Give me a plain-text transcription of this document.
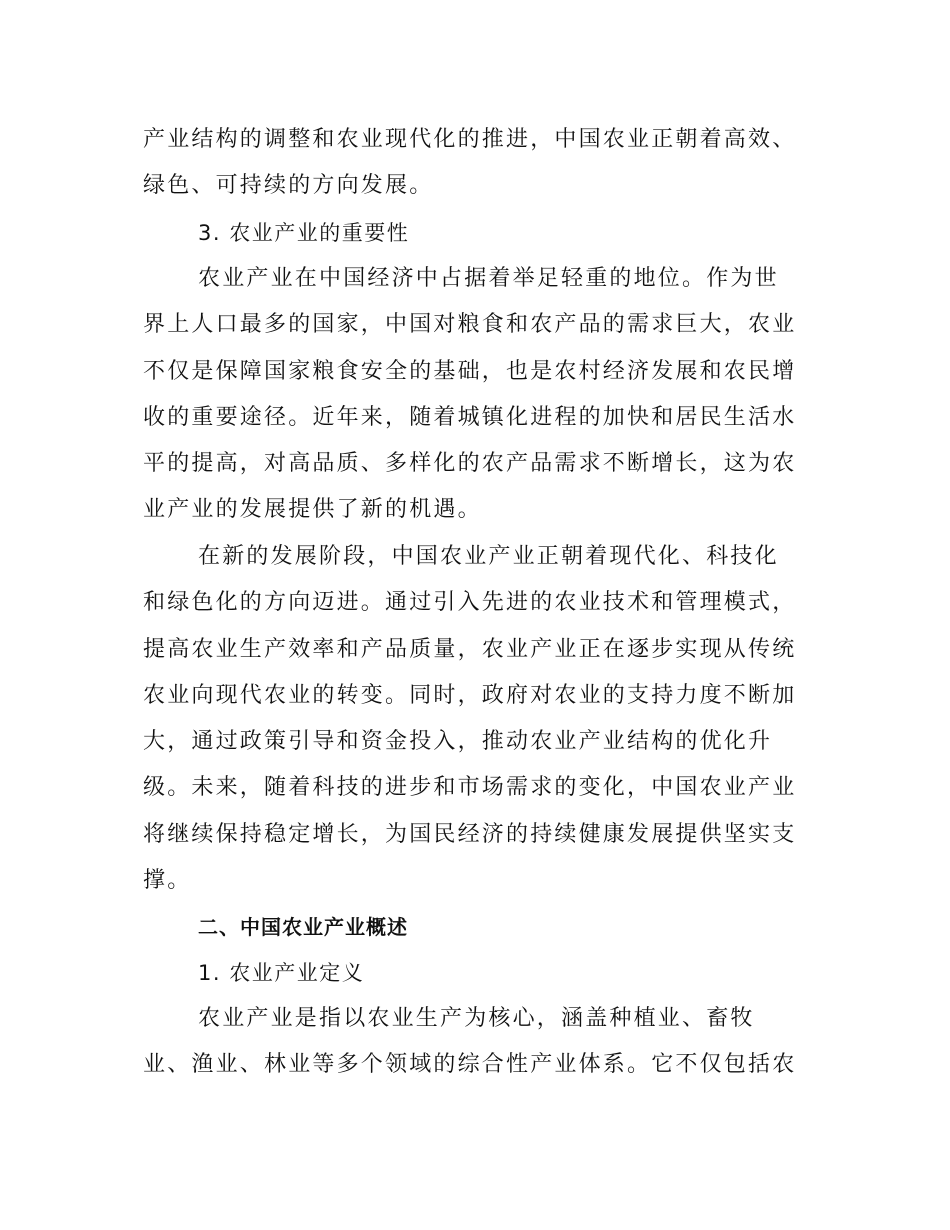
产业结构的调整和农业现代化的推进，中国农业正朝着高效、
绿色、可持续的方向发展。
3. 农业产业的重要性
农业产业在中国经济中占据着举足轻重的地位。作为世
界上人口最多的国家，中国对粮食和农产品的需求巨大，农业
不仅是保障国家粮食安全的基础，也是农村经济发展和农民增
收的重要途径。近年来，随着城镇化进程的加快和居民生活水
平的提高，对高品质、多样化的农产品需求不断增长，这为农
业产业的发展提供了新的机遇。
在新的发展阶段，中国农业产业正朝着现代化、科技化
和绿色化的方向迈进。通过引入先进的农业技术和管理模式，
提高农业生产效率和产品质量，农业产业正在逐步实现从传统
农业向现代农业的转变。同时，政府对农业的支持力度不断加
大，通过政策引导和资金投入，推动农业产业结构的优化升
级。未来，随着科技的进步和市场需求的变化，中国农业产业
将继续保持稳定增长，为国民经济的持续健康发展提供坚实支
撑。
二、中国农业产业概述
1. 农业产业定义
农业产业是指以农业生产为核心，涵盖种植业、畜牧
业、渔业、林业等多个领域的综合性产业体系。它不仅包括农
